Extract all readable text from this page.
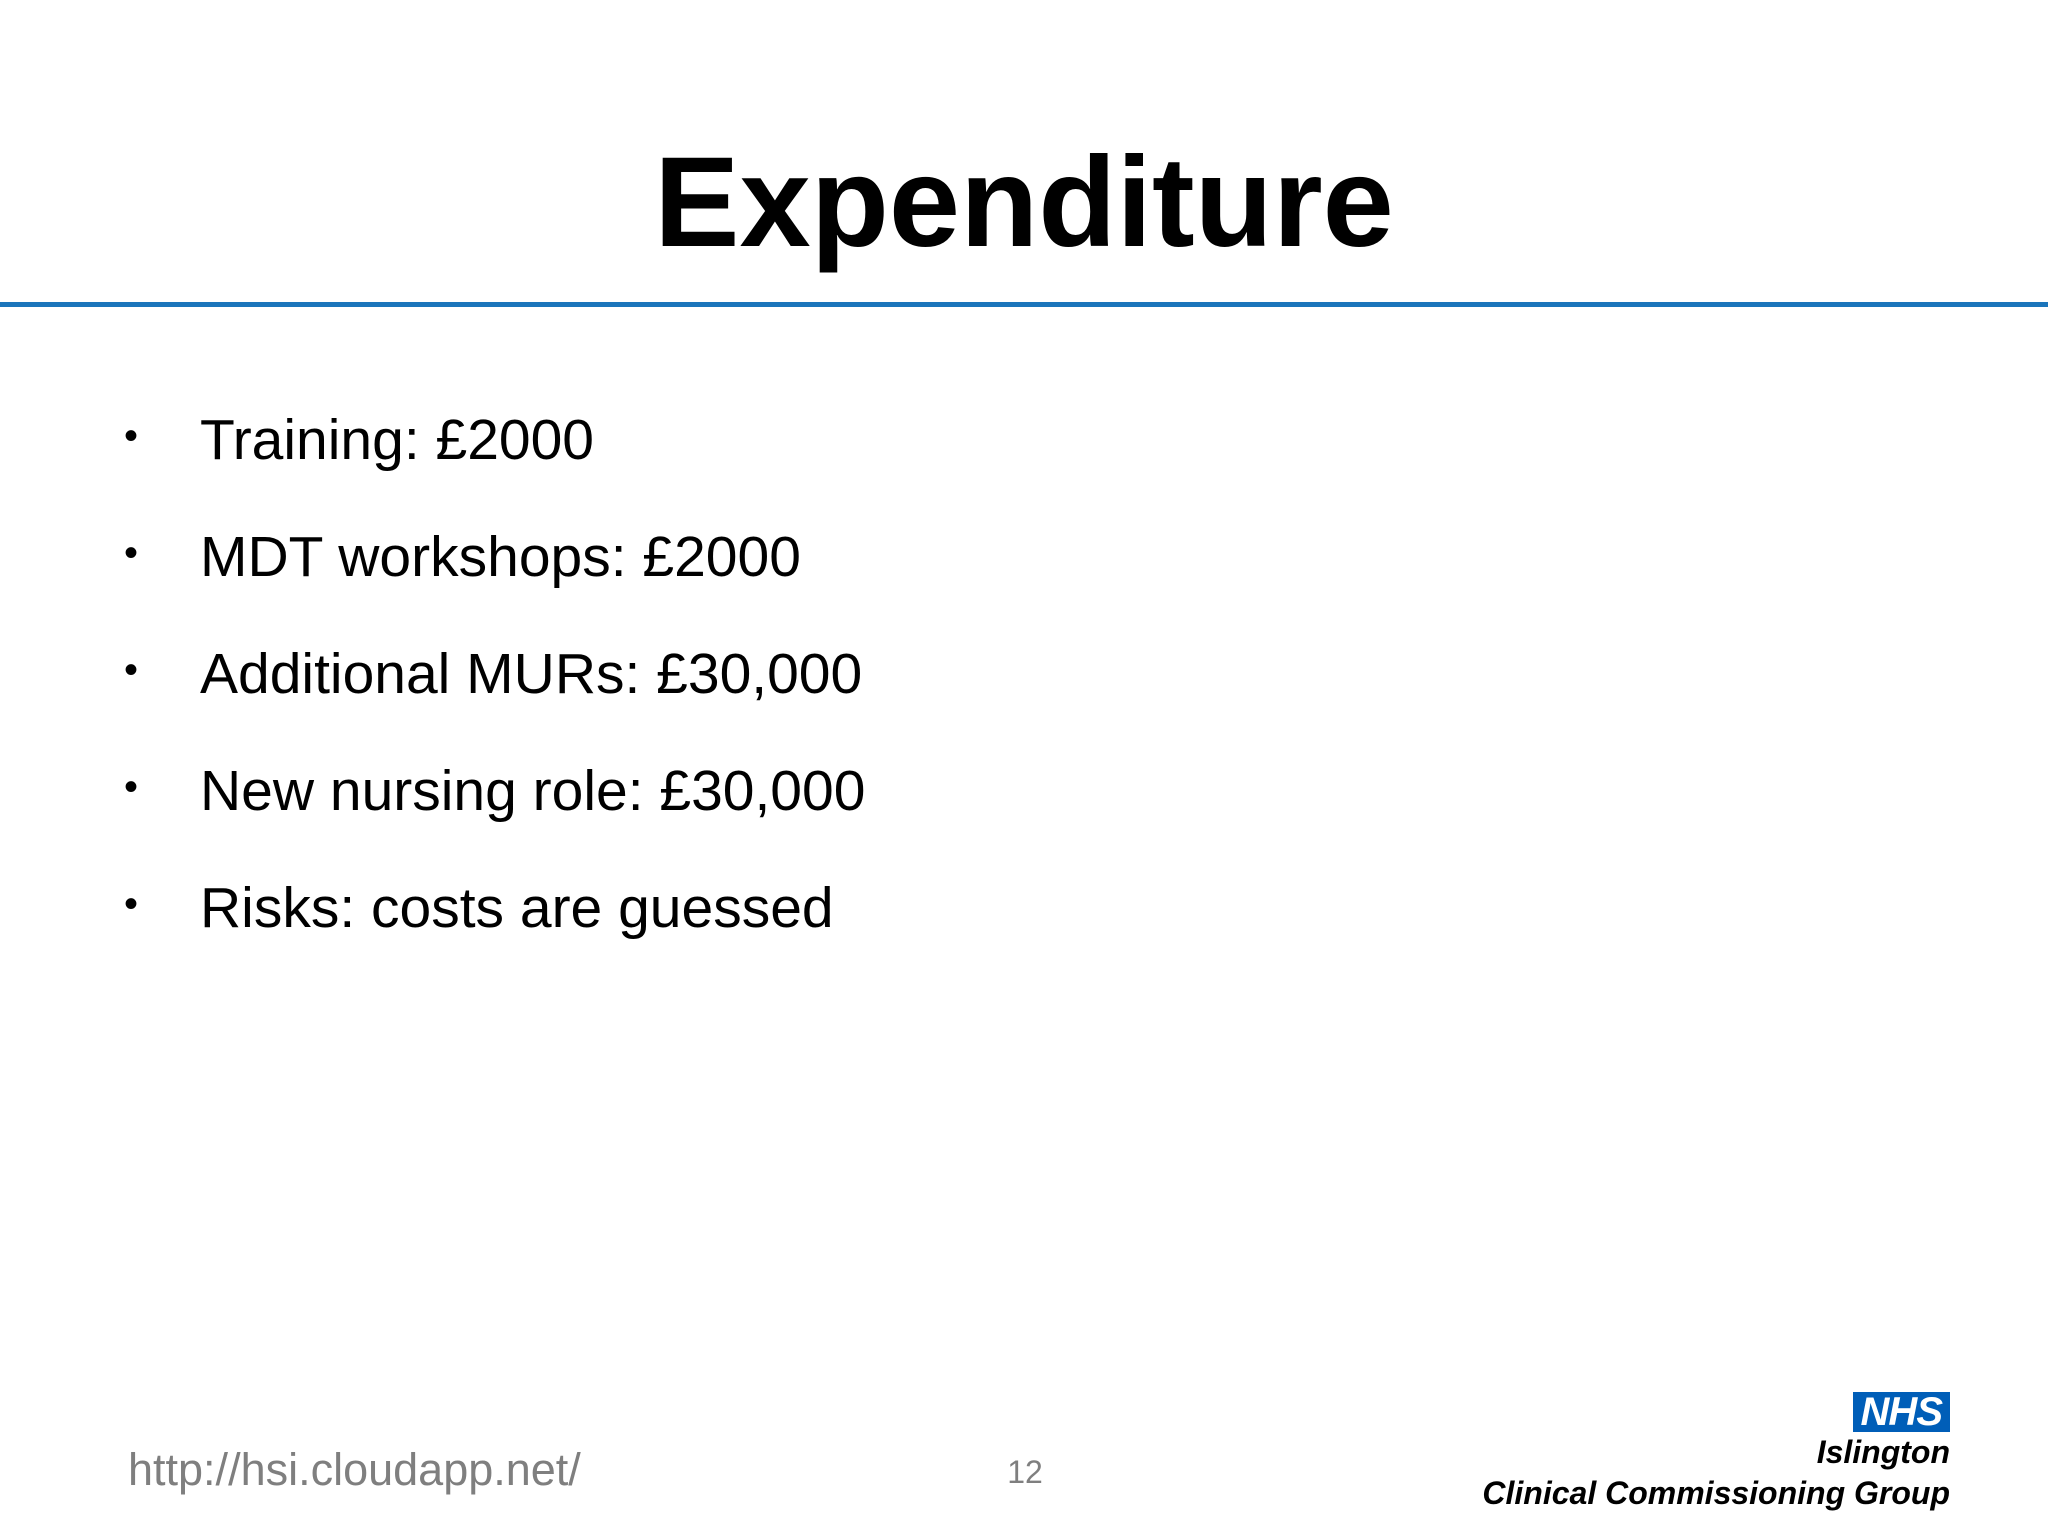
Expenditure
• Training: £2000
• MDT workshops: £2000
• Additional MURs: £30,000
• New nursing role: £30,000
• Risks: costs are guessed
http://hsi.cloudapp.net/	12
NHS
Islington
Clinical Commissioning Group
